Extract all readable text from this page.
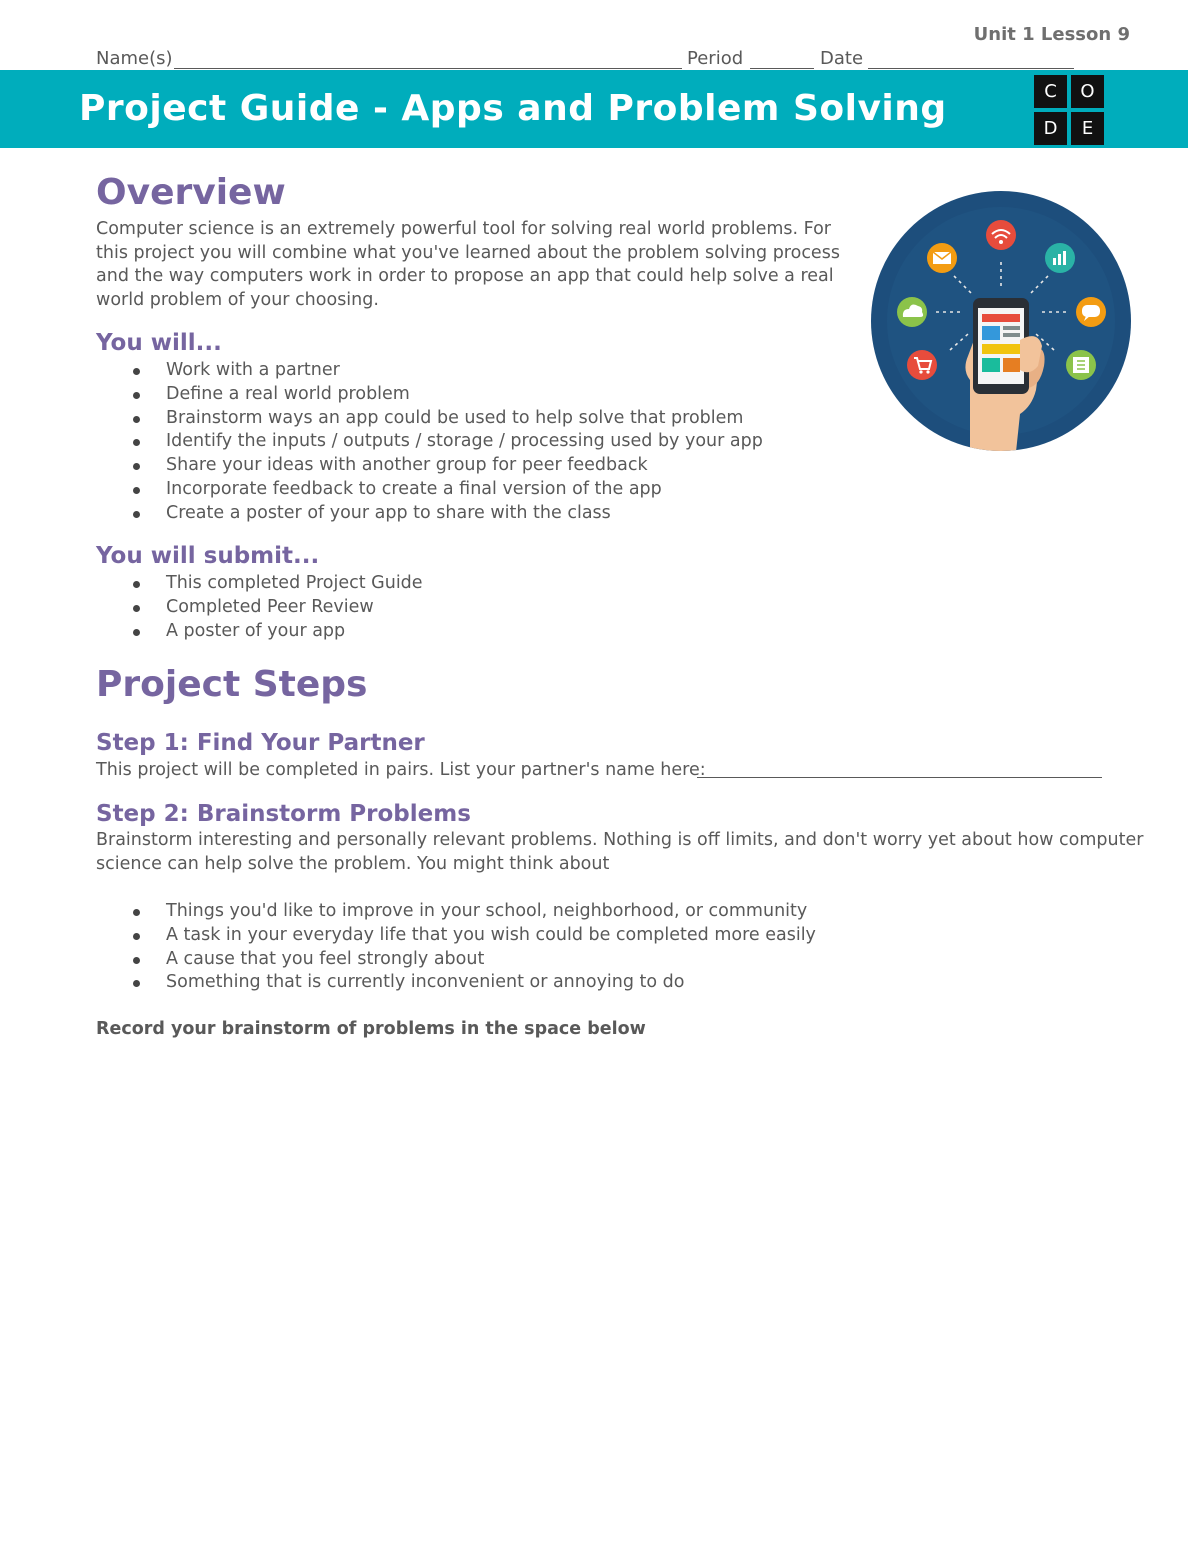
Unit 1 Lesson 9
Name(s)	Period	Date
Project Guide - Apps and Problem Solving	C	O
D	E
Overview
Computer science is an extremely powerful tool for solving real world problems. For
this project you will combine what you've learned about the problem solving process
and the way computers work in order to propose an app that could help solve a real
world problem of your choosing.
You will...
Work with a partner
Define a real world problem
Brainstorm ways an app could be used to help solve that problem
Identify the inputs / outputs / storage / processing used by your app
Share your ideas with another group for peer feedback
Incorporate feedback to create a final version of the app
Create a poster of your app to share with the class
You will submit...
This completed Project Guide
Completed Peer Review
A poster of your app
Project Steps
Step 1: Find Your Partner
This project will be completed in pairs. List your partner's name here:
Step 2: Brainstorm Problems
Brainstorm interesting and personally relevant problems. Nothing is off limits, and don't worry yet about how computer
science can help solve the problem. You might think about
Things you'd like to improve in your school, neighborhood, or community
A task in your everyday life that you wish could be completed more easily
A cause that you feel strongly about
Something that is currently inconvenient or annoying to do
Record your brainstorm of problems in the space below
